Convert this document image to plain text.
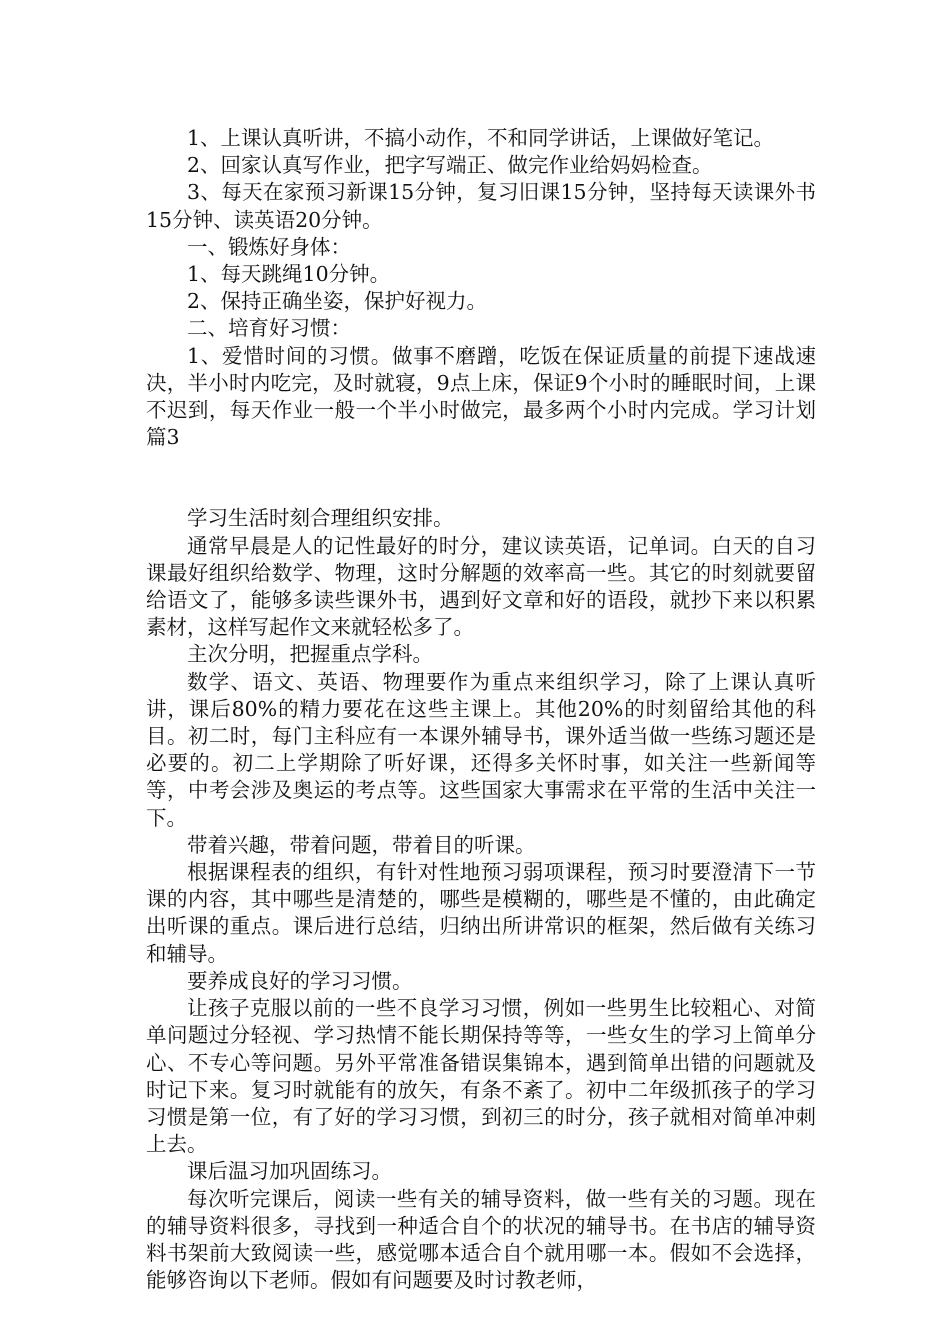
1、上课认真听讲，不搞小动作，不和同学讲话，上课做好笔记。

2、回家认真写作业，把字写端正、做完作业给妈妈检查。

3、每天在家预习新课15分钟，复习旧课15分钟，坚持每天读课外书15分钟、读英语20分钟。

一、锻炼好身体：

1、每天跳绳10分钟。

2、保持正确坐姿，保护好视力。

二、培育好习惯：

1、爱惜时间的习惯。做事不磨蹭，吃饭在保证质量的前提下速战速决，半小时内吃完，及时就寝，9点上床，保证9个小时的睡眠时间，上课不迟到，每天作业一般一个半小时做完，最多两个小时内完成。学习计划 篇3

学习生活时刻合理组织安排。

通常早晨是人的记性最好的时分，建议读英语，记单词。白天的自习课最好组织给数学、物理，这时分解题的效率高一些。其它的时刻就要留给语文了，能够多读些课外书，遇到好文章和好的语段，就抄下来以积累素材，这样写起作文来就轻松多了。

主次分明，把握重点学科。

数学、语文、英语、物理要作为重点来组织学习，除了上课认真听讲，课后80%的精力要花在这些主课上。其他20%的时刻留给其他的科目。初二时，每门主科应有一本课外辅导书，课外适当做一些练习题还是必要的。初二上学期除了听好课，还得多关怀时事，如关注一些新闻等等，中考会涉及奥运的考点等。这些国家大事需求在平常的生活中关注一下。

带着兴趣，带着问题，带着目的听课。

根据课程表的组织，有针对性地预习弱项课程，预习时要澄清下一节课的内容，其中哪些是清楚的，哪些是模糊的，哪些是不懂的，由此确定出听课的重点。课后进行总结，归纳出所讲常识的框架，然后做有关练习和辅导。

要养成良好的学习习惯。

让孩子克服以前的一些不良学习习惯，例如一些男生比较粗心、对简单问题过分轻视、学习热情不能长期保持等等，一些女生的学习上简单分心、不专心等问题。另外平常准备错误集锦本，遇到简单出错的问题就及时记下来。复习时就能有的放矢，有条不紊了。初中二年级抓孩子的学习习惯是第一位，有了好的学习习惯，到初三的时分，孩子就相对简单冲刺上去。

课后温习加巩固练习。

每次听完课后，阅读一些有关的辅导资料，做一些有关的习题。现在的辅导资料很多，寻找到一种适合自个的状况的辅导书。在书店的辅导资料书架前大致阅读一些，感觉哪本适合自个就用哪一本。假如不会选择，能够咨询以下老师。假如有问题要及时讨教老师，
